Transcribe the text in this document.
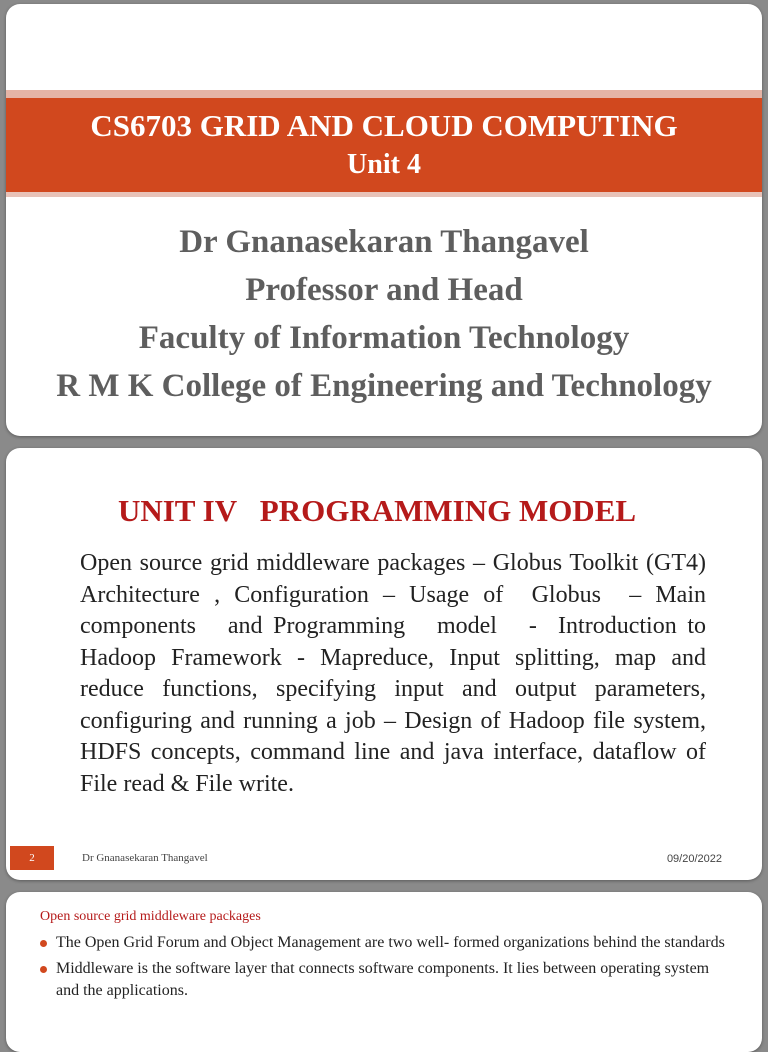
CS6703 GRID AND CLOUD COMPUTING
Unit 4
Dr Gnanasekaran Thangavel
Professor and Head
Faculty of Information Technology
R M K College of Engineering and Technology
UNIT IV   PROGRAMMING MODEL
Open source grid middleware packages – Globus Toolkit (GT4) Architecture , Configuration – Usage of  Globus  – Main components   and Programming   model   -  Introduction to Hadoop Framework - Mapreduce, Input splitting, map and reduce functions, specifying input and output parameters, configuring and running a job – Design of Hadoop file system, HDFS concepts, command line and java interface, dataflow of File read & File write.
2	Dr Gnanasekaran Thangavel	09/20/2022
Open source grid middleware packages
The Open Grid Forum and Object Management are two well- formed organizations behind the standards
Middleware is the software layer that connects software components. It lies between operating system and the applications.
